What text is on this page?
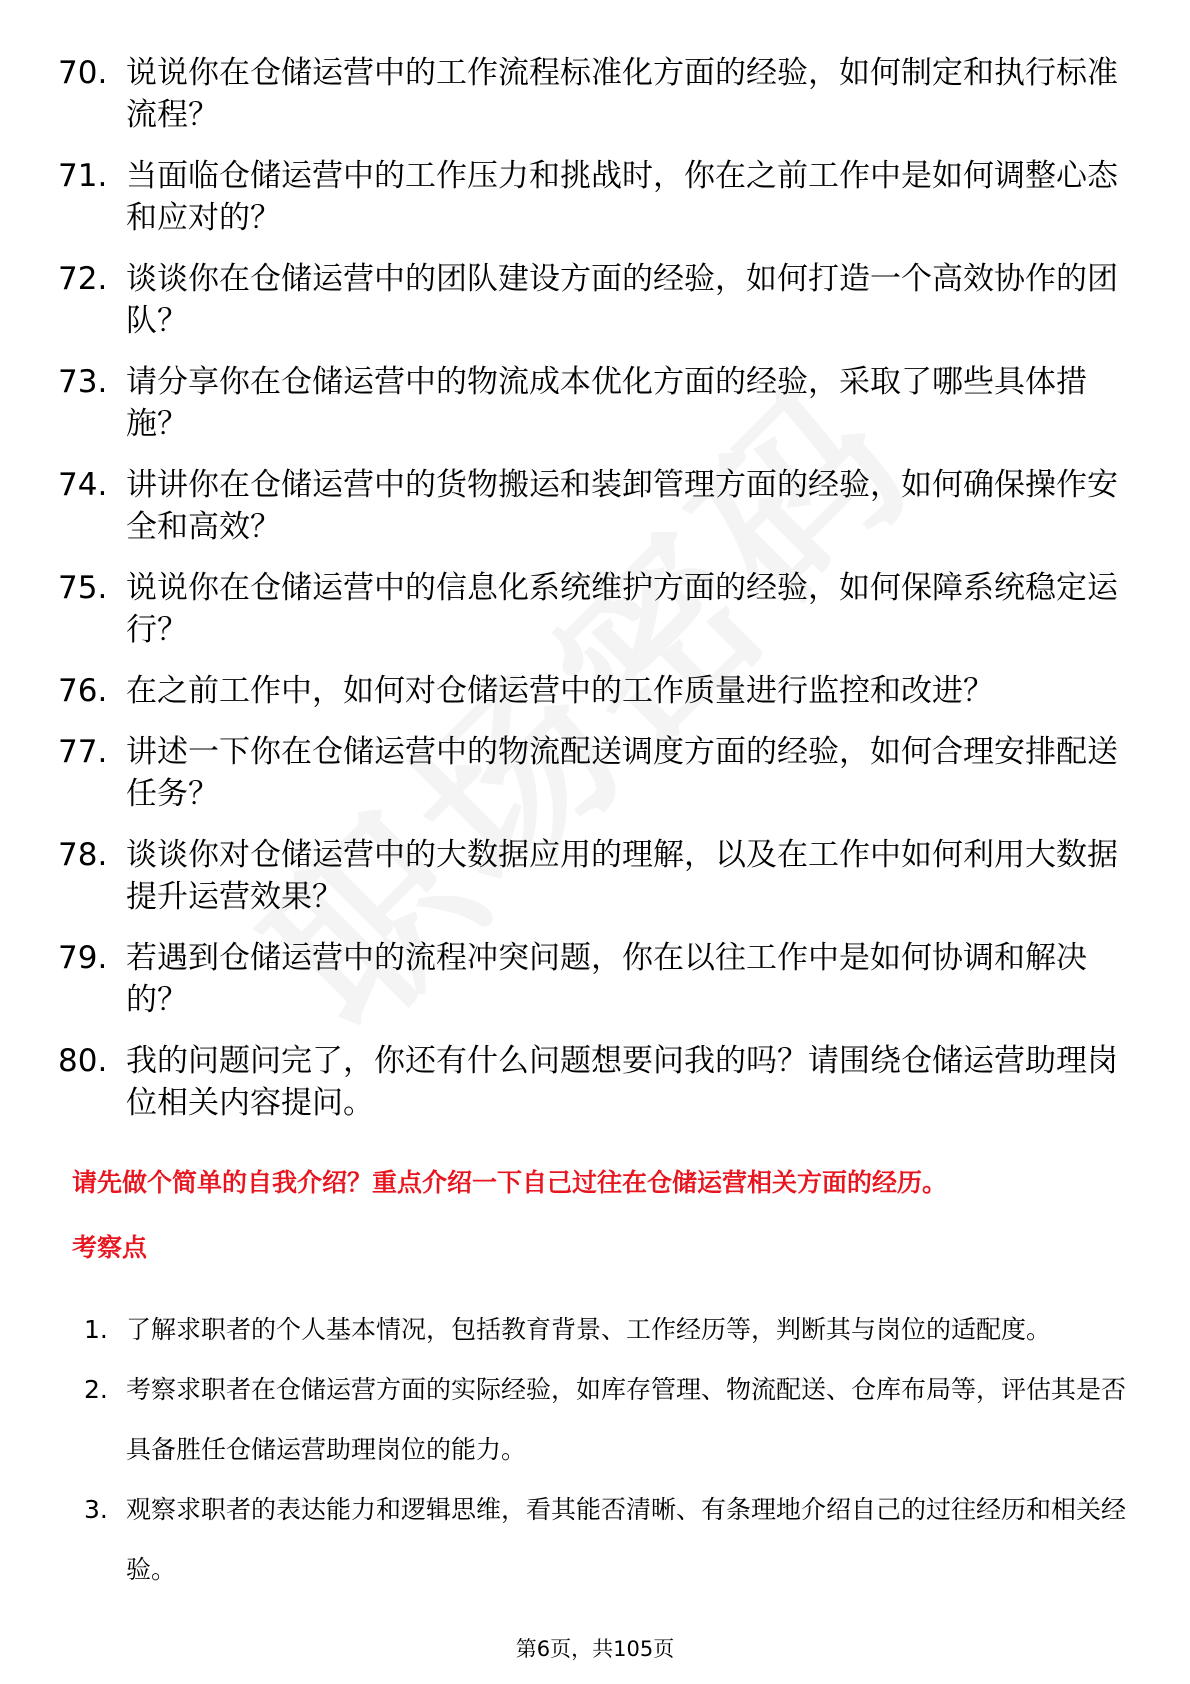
70. 说说你在仓储运营中的工作流程标准化方面的经验，如何制定和执行标准流程？
71. 当面临仓储运营中的工作压力和挑战时，你在之前工作中是如何调整心态和应对的？
72. 谈谈你在仓储运营中的团队建设方面的经验，如何打造一个高效协作的团队？
73. 请分享你在仓储运营中的物流成本优化方面的经验，采取了哪些具体措施？
74. 讲讲你在仓储运营中的货物搬运和装卸管理方面的经验，如何确保操作安全和高效？
75. 说说你在仓储运营中的信息化系统维护方面的经验，如何保障系统稳定运行？
76. 在之前工作中，如何对仓储运营中的工作质量进行监控和改进？
77. 讲述一下你在仓储运营中的物流配送调度方面的经验，如何合理安排配送任务？
78. 谈谈你对仓储运营中的大数据应用的理解，以及在工作中如何利用大数据提升运营效果？
79. 若遇到仓储运营中的流程冲突问题，你在以往工作中是如何协调和解决的？
80. 我的问题问完了，你还有什么问题想要问我的吗？请围绕仓储运营助理岗位相关内容提问。
请先做个简单的自我介绍？重点介绍一下自己过往在仓储运营相关方面的经历。
考察点
1. 了解求职者的个人基本情况，包括教育背景、工作经历等，判断其与岗位的适配度。
2. 考察求职者在仓储运营方面的实际经验，如库存管理、物流配送、仓库布局等，评估其是否具备胜任仓储运营助理岗位的能力。
3. 观察求职者的表达能力和逻辑思维，看其能否清晰、有条理地介绍自己的过往经历和相关经验。
第6页，共105页
